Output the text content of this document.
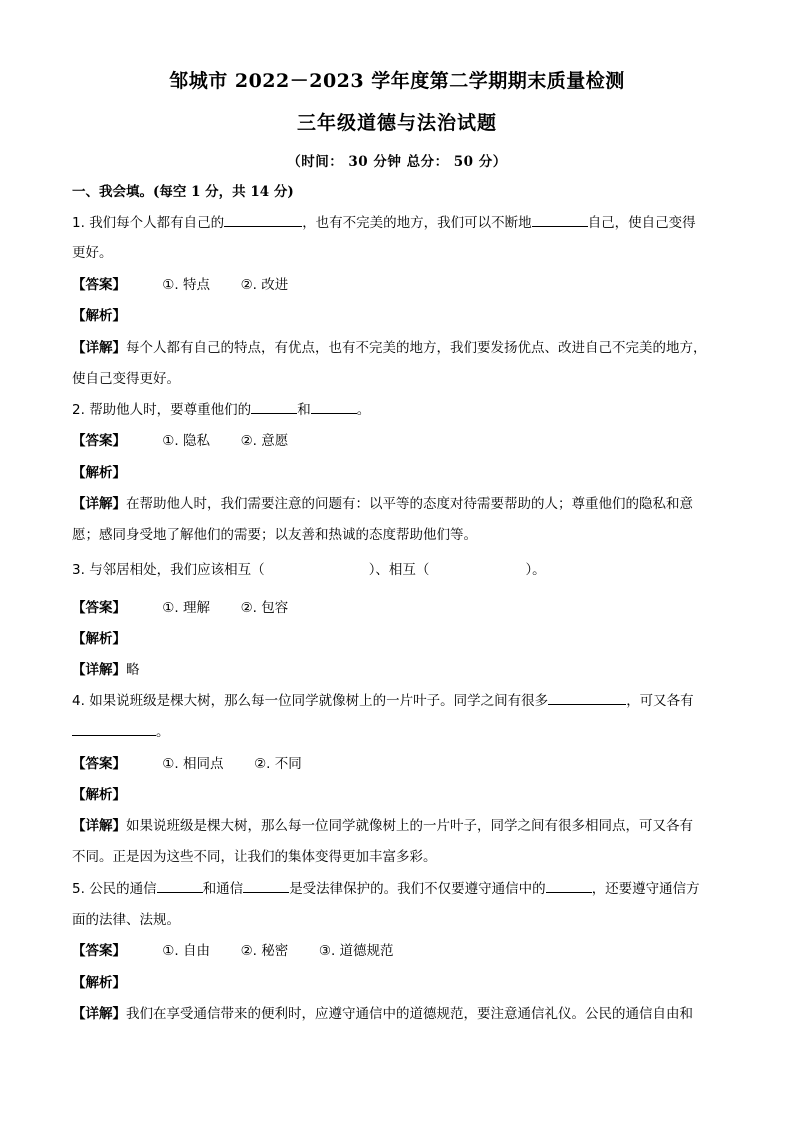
邹城市 2022－2023 学年度第二学期期末质量检测
三年级道德与法治试题
（时间： 30 分钟 总分： 50 分）
一、我会填。(每空 1 分，共 14 分)
1. 我们每个人都有自己的	，也有不完美的地方，我们可以不断地	自己，使自己变得
更好。
【答案】	①. 特点 ②. 改进
【解析】
【详解】每个人都有自己的特点，有优点，也有不完美的地方，我们要发扬优点、改进自己不完美的地方，
使自己变得更好。
2. 帮助他人时，要尊重他们的	和	。
【答案】	①. 隐私 ②. 意愿
【解析】
【详解】在帮助他人时，我们需要注意的问题有：以平等的态度对待需要帮助的人；尊重他们的隐私和意
愿；感同身受地了解他们的需要；以友善和热诚的态度帮助他们等。
3. 与邻居相处，我们应该相互（	）、相互（	）。
【答案】	①. 理解 ②. 包容
【解析】
【详解】略
4. 如果说班级是棵大树，那么每一位同学就像树上的一片叶子。同学之间有很多	，可又各有
。
【答案】	①. 相同点 ②. 不同
【解析】
【详解】如果说班级是棵大树，那么每一位同学就像树上的一片叶子，同学之间有很多相同点，可又各有
不同。正是因为这些不同，让我们的集体变得更加丰富多彩。
5. 公民的通信	和通信	是受法律保护的。我们不仅要遵守通信中的	，还要遵守通信方
面的法律、法规。
【答案】	①. 自由 ②. 秘密 ③. 道德规范
【解析】
【详解】我们在享受通信带来的便利时，应遵守通信中的道德规范，要注意通信礼仪。公民的通信自由和
